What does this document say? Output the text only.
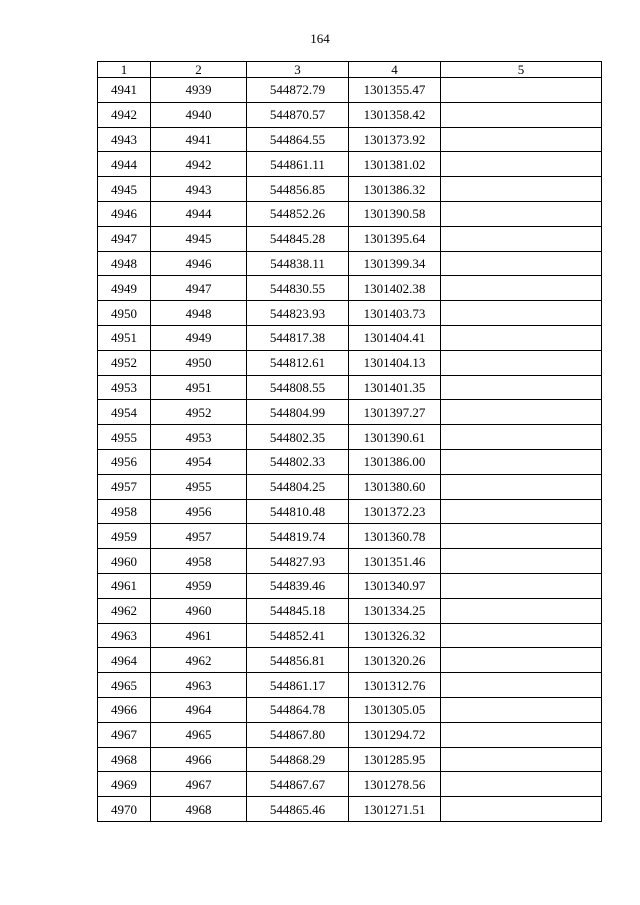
164
1	2	3	4	5
4941	4939	544872.79	1301355.47	
4942	4940	544870.57	1301358.42	
4943	4941	544864.55	1301373.92	
4944	4942	544861.11	1301381.02	
4945	4943	544856.85	1301386.32	
4946	4944	544852.26	1301390.58	
4947	4945	544845.28	1301395.64	
4948	4946	544838.11	1301399.34	
4949	4947	544830.55	1301402.38	
4950	4948	544823.93	1301403.73	
4951	4949	544817.38	1301404.41	
4952	4950	544812.61	1301404.13	
4953	4951	544808.55	1301401.35	
4954	4952	544804.99	1301397.27	
4955	4953	544802.35	1301390.61	
4956	4954	544802.33	1301386.00	
4957	4955	544804.25	1301380.60	
4958	4956	544810.48	1301372.23	
4959	4957	544819.74	1301360.78	
4960	4958	544827.93	1301351.46	
4961	4959	544839.46	1301340.97	
4962	4960	544845.18	1301334.25	
4963	4961	544852.41	1301326.32	
4964	4962	544856.81	1301320.26	
4965	4963	544861.17	1301312.76	
4966	4964	544864.78	1301305.05	
4967	4965	544867.80	1301294.72	
4968	4966	544868.29	1301285.95	
4969	4967	544867.67	1301278.56	
4970	4968	544865.46	1301271.51	
